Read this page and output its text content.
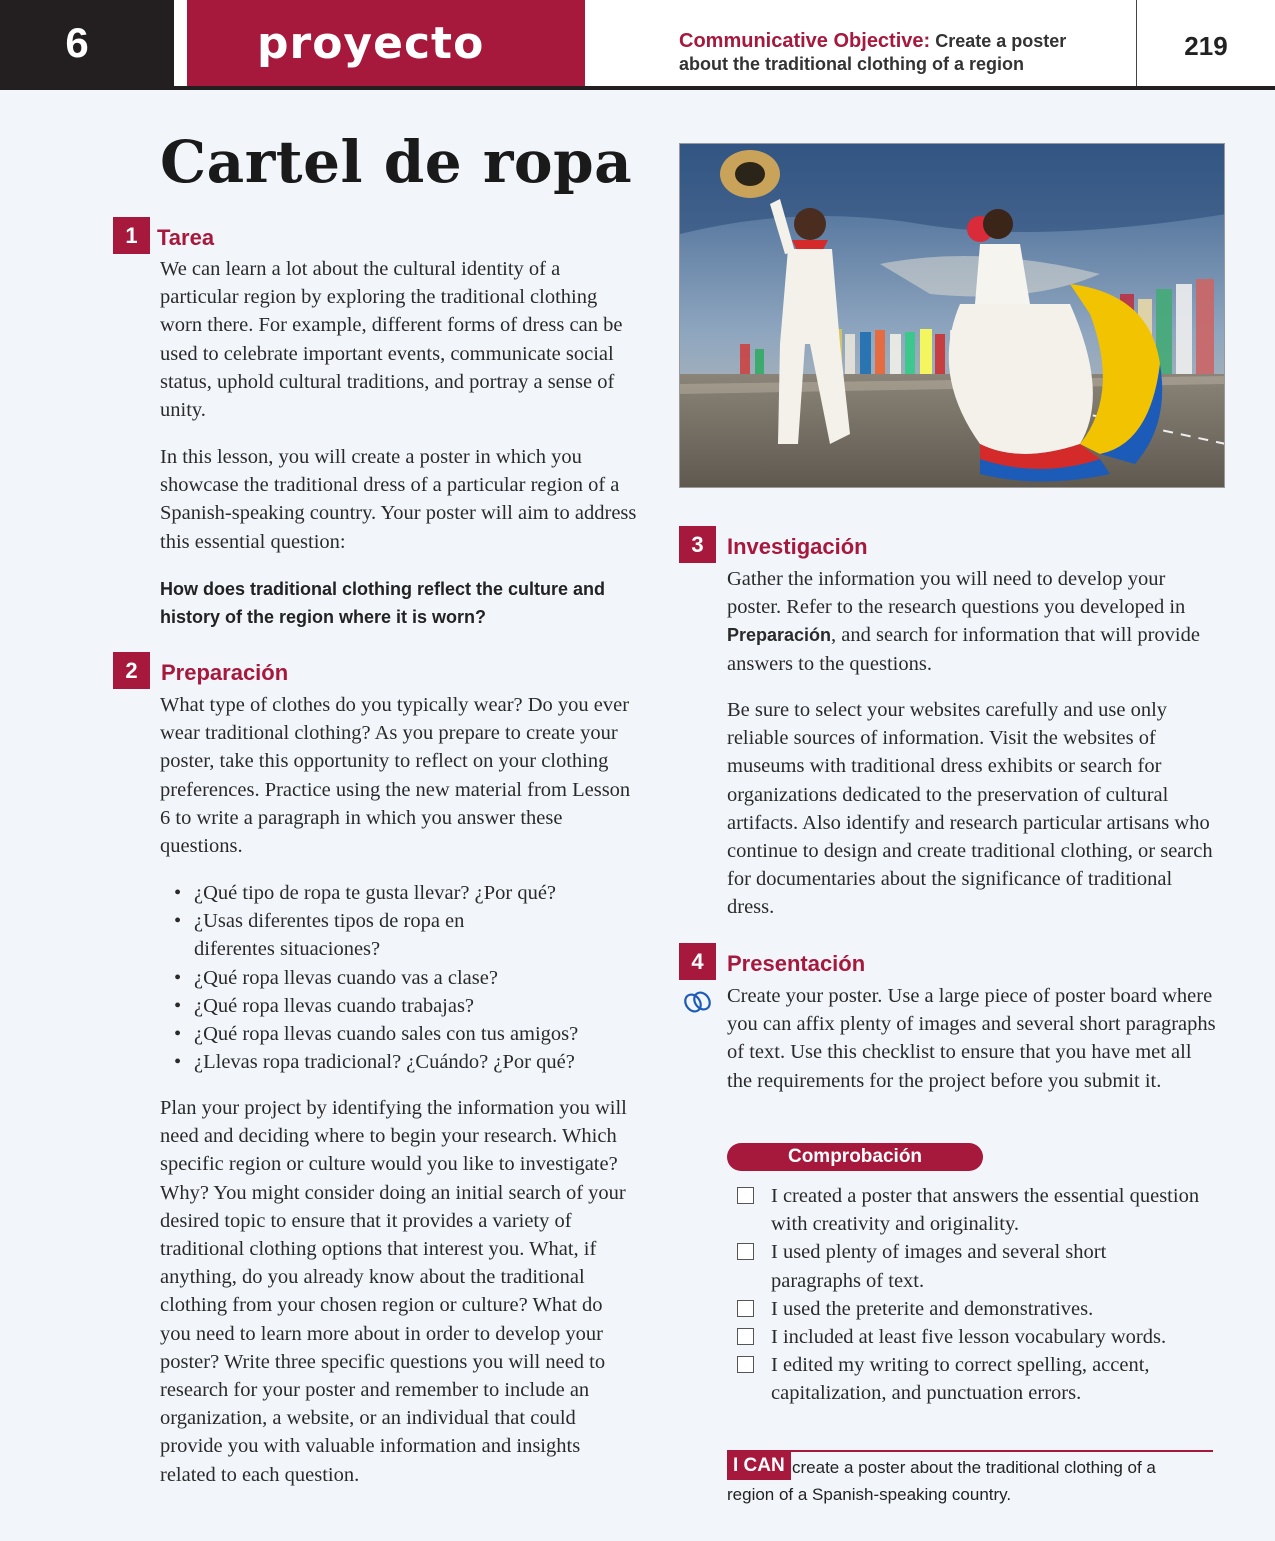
6	proyecto	Communicative Objective: Create a poster about the traditional clothing of a region
219
Cartel de ropa
1 Tarea

We can learn a lot about the cultural identity of a particular region by exploring the traditional clothing worn there. For example, different forms of dress can be used to celebrate important events, communicate social status, uphold cultural traditions, and portray a sense of unity.

In this lesson, you will create a poster in which you showcase the traditional dress of a particular region of a Spanish-speaking country. Your poster will aim to address this essential question:

How does traditional clothing reflect the culture and history of the region where it is worn?

2	Preparación

What type of clothes do you typically wear? Do you ever wear traditional clothing? As you prepare to create your poster, take this opportunity to reflect on your clothing preferences. Practice using the new material from Lesson 6 to write a paragraph in which you answer these questions.

• ¿Qué tipo de ropa te gusta llevar? ¿Por qué?
• ¿Usas diferentes tipos de ropa en diferentes situaciones?
• ¿Qué ropa llevas cuando vas a clase?
• ¿Qué ropa llevas cuando trabajas?
• ¿Qué ropa llevas cuando sales con tus amigos?
• ¿Llevas ropa tradicional? ¿Cuándo? ¿Por qué?

Plan your project by identifying the information you will need and deciding where to begin your research. Which specific region or culture would you like to investigate? Why? You might consider doing an initial search of your desired topic to ensure that it provides a variety of traditional clothing options that interest you. What, if anything, do you already know about the traditional clothing from your chosen region or culture? What do you need to learn more about in order to develop your poster? Write three specific questions you will need to research for your poster and remember to include an organization, a website, or an individual that could provide you with valuable information and insights related to each question.

3	Investigación

Gather the information you will need to develop your poster. Refer to the research questions you developed in Preparación, and search for information that will provide answers to the questions.

Be sure to select your websites carefully and use only reliable sources of information. Visit the websites of museums with traditional dress exhibits or search for organizations dedicated to the preservation of cultural artifacts. Also identify and research particular artisans who continue to design and create traditional clothing, or search for documentaries about the significance of traditional dress.

4	Presentación

Create your poster. Use a large piece of poster board where you can affix plenty of images and several short paragraphs of text. Use this checklist to ensure that you have met all the requirements for the project before you submit it.

Comprobación
I created a poster that answers the essential question with creativity and originality.
I used plenty of images and several short paragraphs of text.
I used the preterite and demonstratives.
I included at least five lesson vocabulary words.
I edited my writing to correct spelling, accent, capitalization, and punctuation errors.

create a poster about the traditional clothing of a region of a Spanish-speaking country.

I CAN
